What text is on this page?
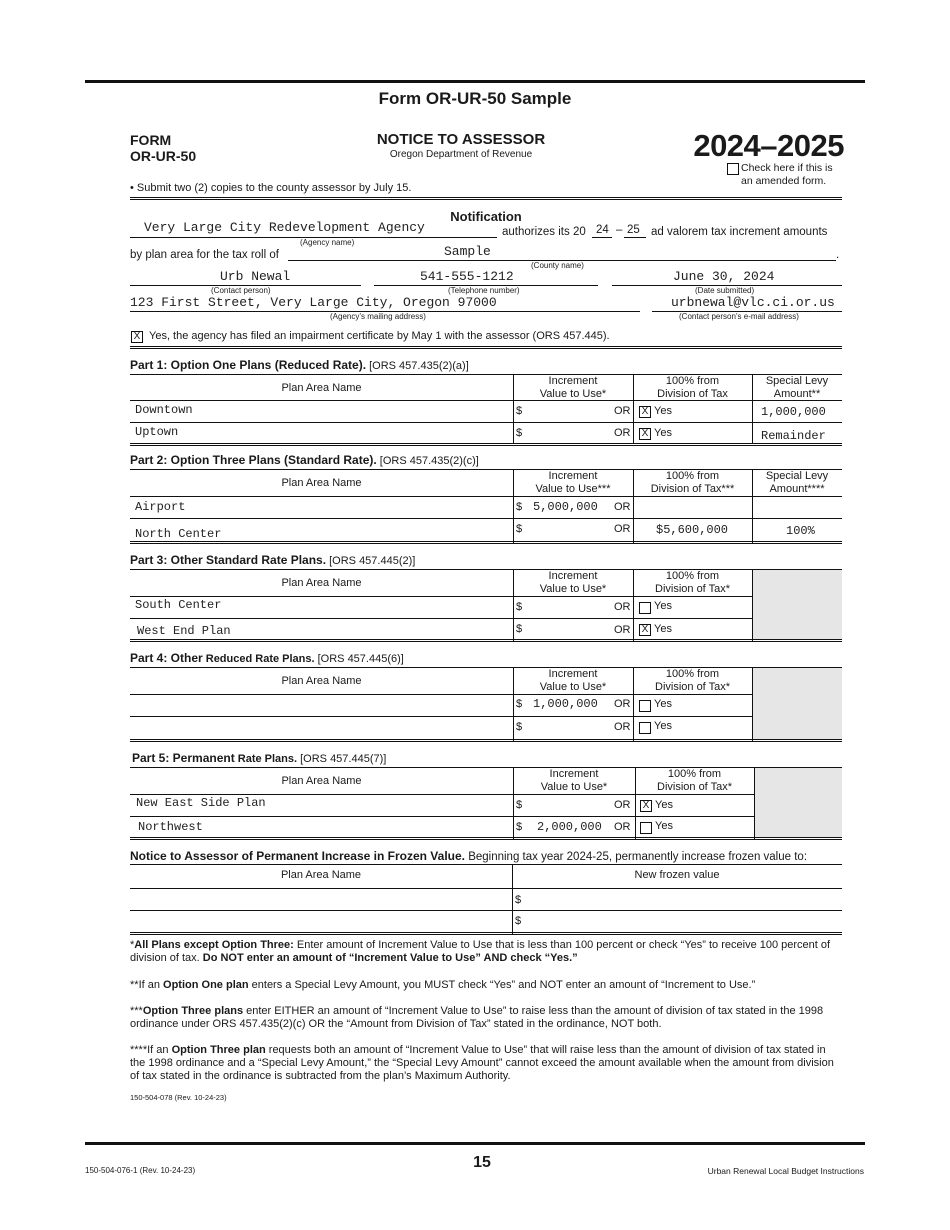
Form OR-UR-50 Sample
FORM
OR-UR-50
NOTICE TO ASSESSOR
Oregon Department of Revenue	2024–2025
Check here if this is
an amended form.
• Submit two (2) copies to the county assessor by July 15.
Notification
Very Large City Redevelopment Agency
(Agency name)
authorizes its 20 24 – 25 ad valorem tax increment amounts
by plan area for the tax roll of	Sample	.
(County name)
Urb Newal
(Contact person)
541-555-1212
(Telephone number)
June 30, 2024
(Date submitted)
123 First Street, Very Large City, Oregon 97000
(Agency’s mailing address)
urbnewal@vlc.ci.or.us
(Contact person’s e-mail address)
X Yes, the agency has filed an impairment certificate by May 1 with the assessor (ORS 457.445).
Part 1: Option One Plans (Reduced Rate). [ORS 457.435(2)(a)]
Plan Area Name
Increment
Value to Use*
100% from
Division of Tax
Special Levy
Amount**
Downtown	$	OR X Yes	1,000,000
Uptown	$	OR X Yes	Remainder
Part 2: Option Three Plans (Standard Rate). [ORS 457.435(2)(c)]
Plan Area Name
Increment
Value to Use***
100% from
Division of Tax***
Special Levy
Amount****
Airport	$ 5,000,000 OR
North Center	$	OR $5,600,000	100%
Part 3: Other Standard Rate Plans. [ORS 457.445(2)]
Plan Area Name
Increment
Value to Use*
100% from
Division of Tax*
South Center	$	OR Yes
West End Plan	$	OR X Yes
Part 4: Other Reduced Rate Plans. [ORS 457.445(6)]
Plan Area Name
Increment
Value to Use*
100% from
Division of Tax*
$ 1,000,000 OR Yes
$	OR Yes
Part 5: Permanent Rate Plans. [ORS 457.445(7)]
Plan Area Name
Increment
Value to Use*
100% from
Division of Tax*
New East Side Plan	$	OR X Yes
Northwest	$ 2,000,000 OR Yes
Notice to Assessor of Permanent Increase in Frozen Value. Beginning tax year 2024-25, permanently increase frozen value to:
Plan Area Name	New frozen value
$
$

*All Plans except Option Three: Enter amount of Increment Value to Use that is less than 100 percent or check “Yes” to receive 100 percent of division of tax. Do NOT enter an amount of “Increment Value to Use” AND check “Yes.”

**If an Option One plan enters a Special Levy Amount, you MUST check “Yes” and NOT enter an amount of “Increment to Use.”

***Option Three plans enter EITHER an amount of “Increment Value to Use” to raise less than the amount of division of tax stated in the 1998 ordinance under ORS 457.435(2)(c) OR the “Amount from Division of Tax” stated in the ordinance, NOT both.

****If an Option Three plan requests both an amount of “Increment Value to Use” that will raise less than the amount of division of tax stated in the 1998 ordinance and a “Special Levy Amount,” the “Special Levy Amount” cannot exceed the amount available when the amount from division of tax stated in the ordinance is subtracted from the plan’s Maximum Authority.

150-504-078 (Rev. 10-24-23)

150-504-076-1 (Rev. 10-24-23)	15	Urban Renewal Local Budget Instructions
